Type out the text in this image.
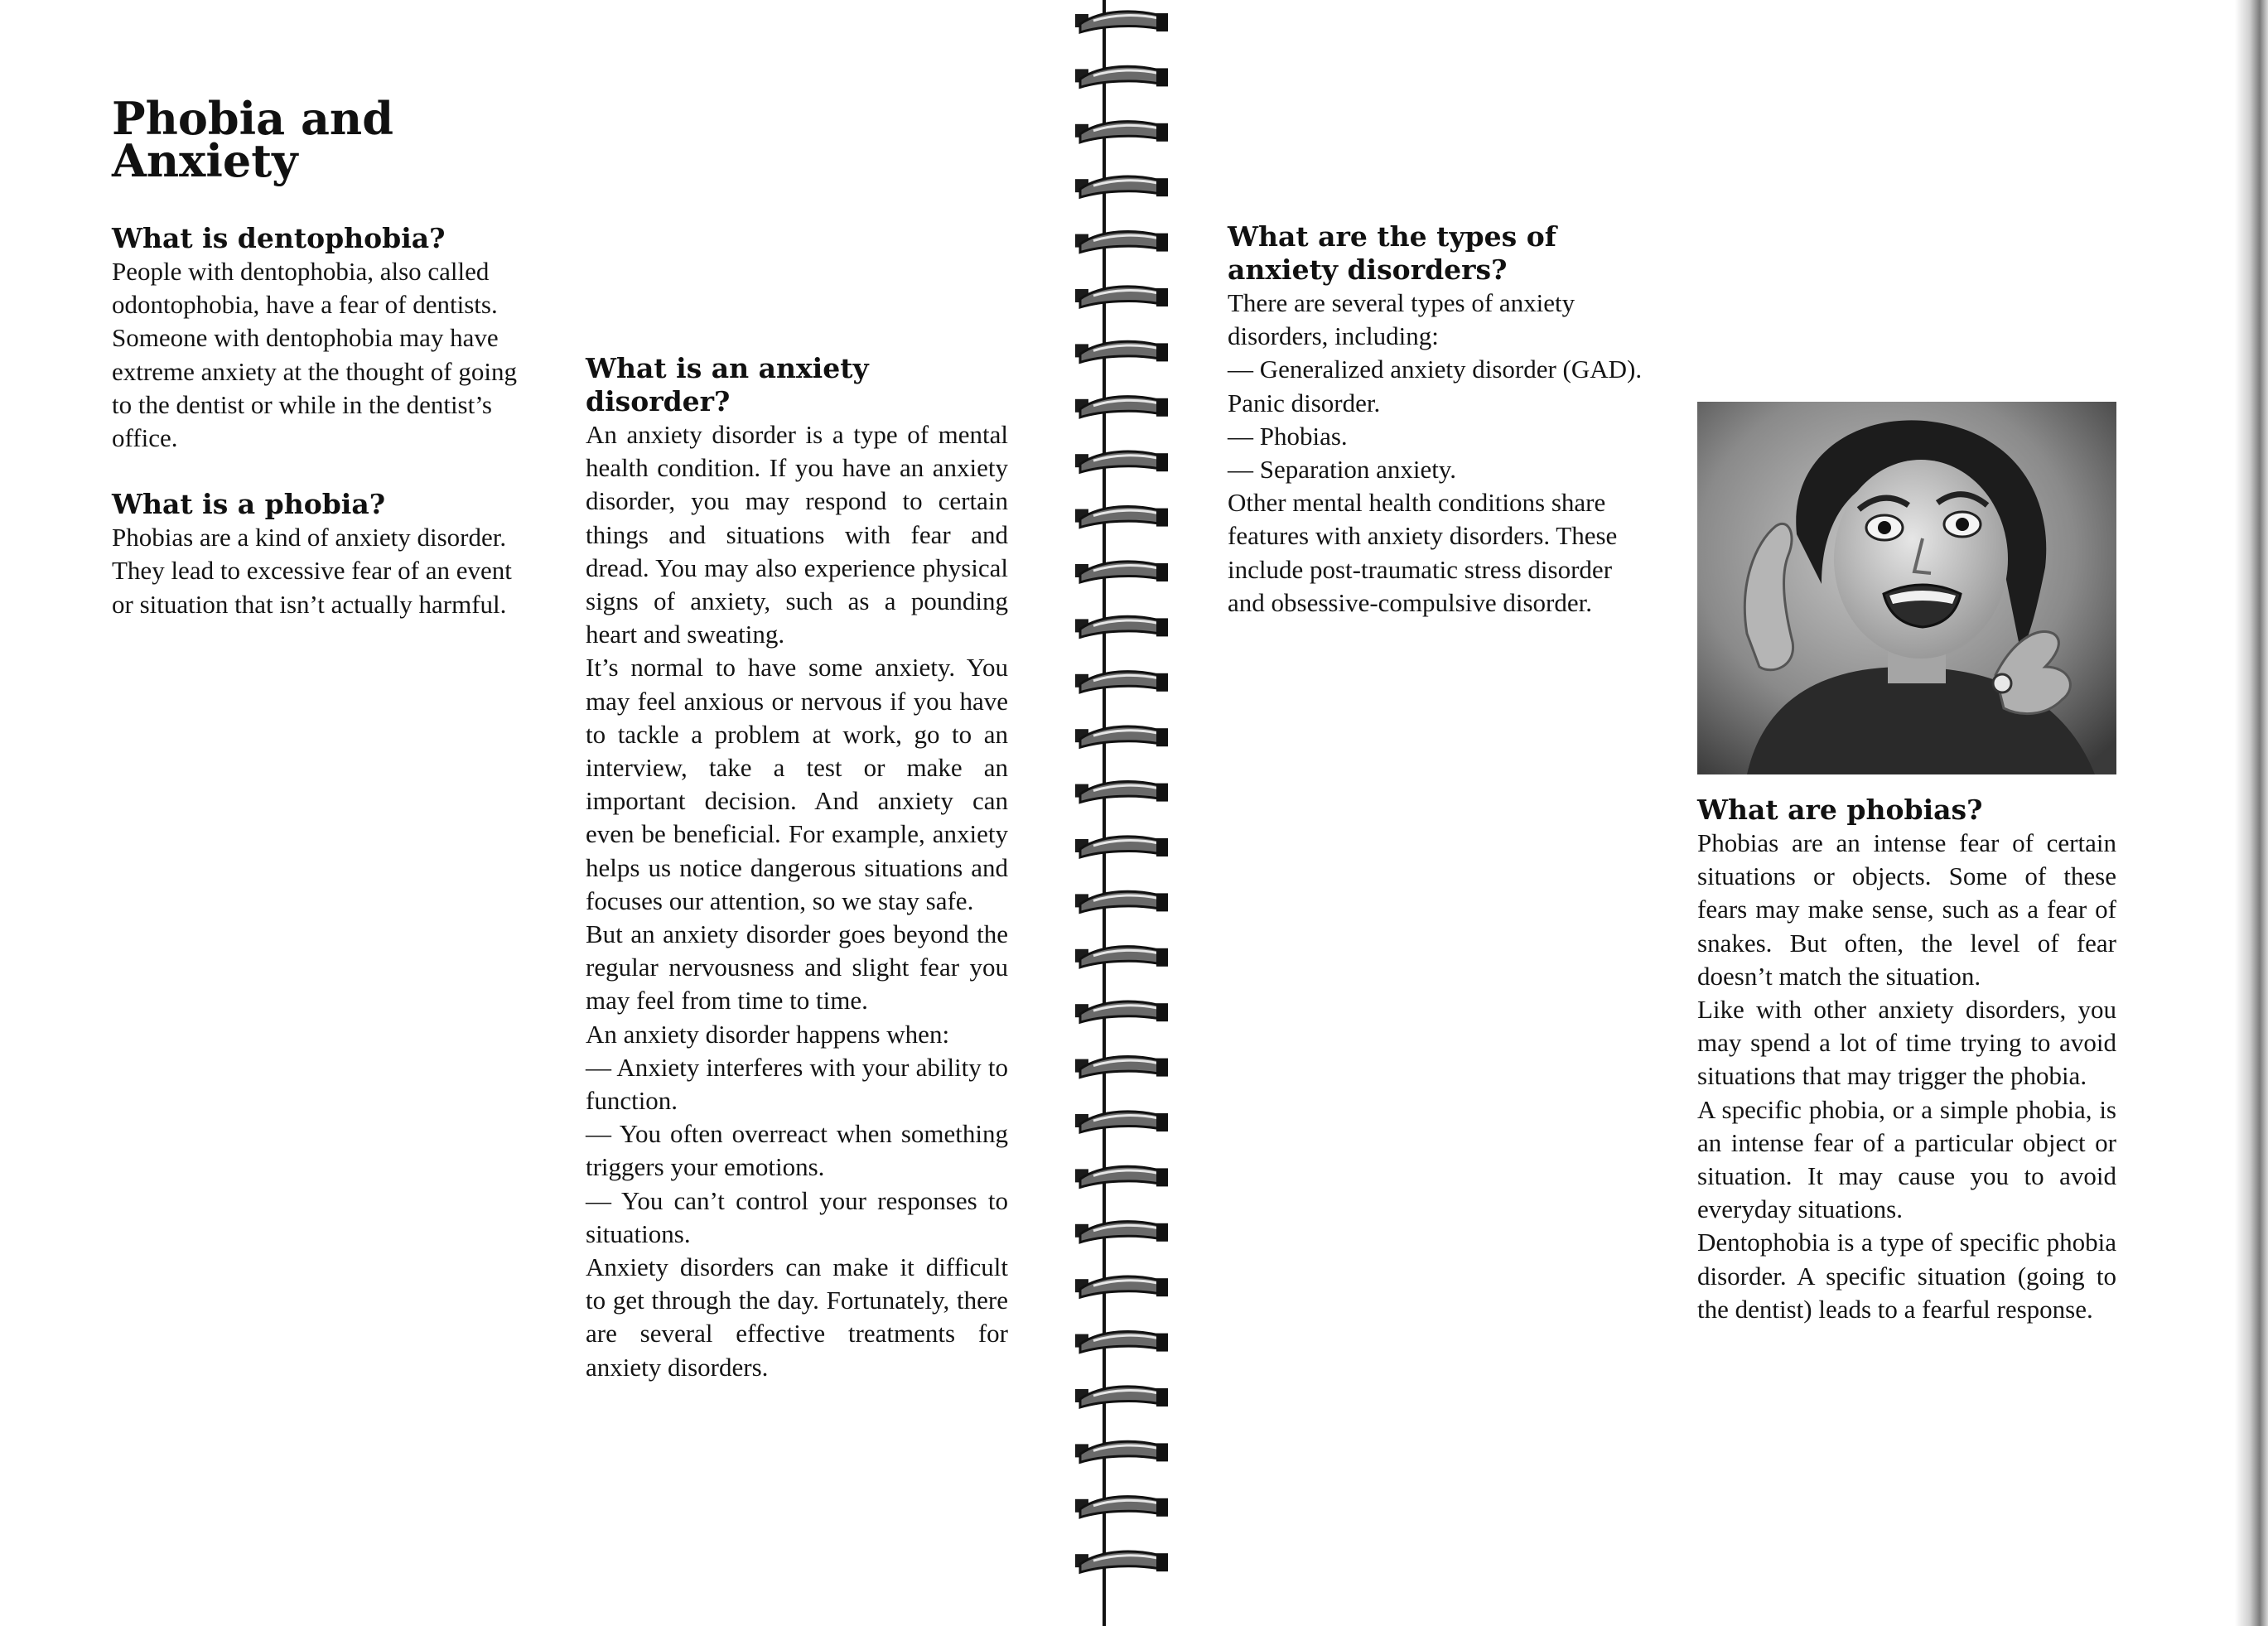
Phobia and Anxiety
What is dentophobia?

People with dentophobia, also called odontophobia, have a fear of dentists. Someone with dentophobia may have extreme anxiety at the thought of going to the dentist or while in the dentist’s office.

What is a phobia?

Phobias are a kind of anxiety disorder. They lead to excessive fear of an event or situation that isn’t actually harmful.

What is an anxiety disorder?

An anxiety disorder is a type of mental health condition. If you have an anxiety disorder, you may respond to certain things and situations with fear and dread. You may also experience physical signs of anxiety, such as a pounding heart and sweating.

It’s normal to have some anxiety. You may feel anxious or nervous if you have to tackle a problem at work, go to an interview, take a test or make an important decision. And anxiety can even be beneficial. For example, anxiety helps us notice dangerous situations and focuses our attention, so we stay safe.

But an anxiety disorder goes beyond the regular nervousness and slight fear you may feel from time to time.

An anxiety disorder happens when:

— Anxiety interferes with your ability to function.

— You often overreact when something triggers your emotions.

— You can’t control your responses to situations.

Anxiety disorders can make it difficult to get through the day. Fortunately, there are several effective treatments for anxiety disorders.

What are the types of anxiety disorders?

There are several types of anxiety disorders, including:

— Generalized anxiety disorder (GAD). Panic disorder.

— Phobias.

— Separation anxiety.

Other mental health conditions share features with anxiety disorders. These include post-traumatic stress disorder and obsessive-compulsive disorder.

What are phobias?

Phobias are an intense fear of certain situations or objects. Some of these fears may make sense, such as a fear of snakes. But often, the level of fear doesn’t match the situation.

Like with other anxiety disorders, you may spend a lot of time trying to avoid situations that may trigger the phobia.

A specific phobia, or a simple phobia, is an intense fear of a particular object or situation. It may cause you to avoid everyday situations.

Dentophobia is a type of specific phobia disorder. A specific situation (going to the dentist) leads to a fearful response.
